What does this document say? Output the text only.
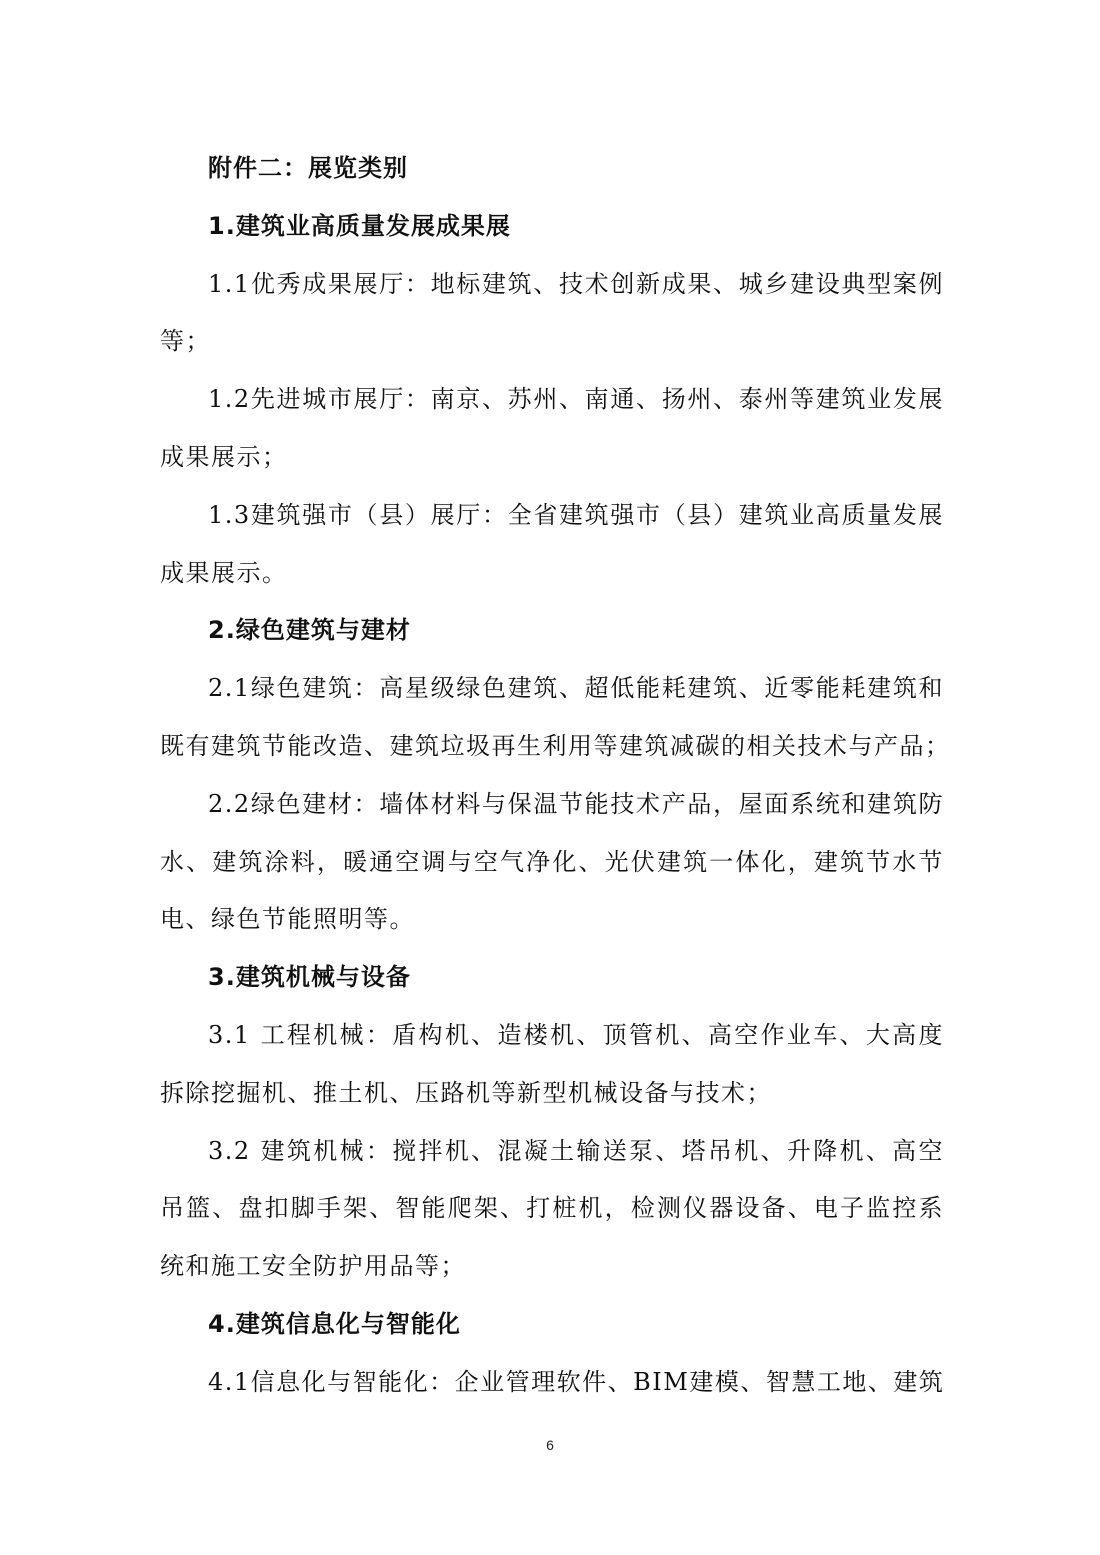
附件二：展览类别
1.建筑业高质量发展成果展
1.1优秀成果展厅：地标建筑、技术创新成果、城乡建设典型案例
等；
1.2先进城市展厅：南京、苏州、南通、扬州、泰州等建筑业发展
成果展示；
1.3建筑强市（县）展厅：全省建筑强市（县）建筑业高质量发展
成果展示。
2.绿色建筑与建材
2.1绿色建筑：高星级绿色建筑、超低能耗建筑、近零能耗建筑和
既有建筑节能改造、建筑垃圾再生利用等建筑减碳的相关技术与产品；
2.2绿色建材：墙体材料与保温节能技术产品，屋面系统和建筑防
水、建筑涂料，暖通空调与空气净化、光伏建筑一体化，建筑节水节
电、绿色节能照明等。
3.建筑机械与设备
3.1 工程机械：盾构机、造楼机、顶管机、高空作业车、大高度
拆除挖掘机、推土机、压路机等新型机械设备与技术；
3.2 建筑机械：搅拌机、混凝土输送泵、塔吊机、升降机、高空
吊篮、盘扣脚手架、智能爬架、打桩机，检测仪器设备、电子监控系
统和施工安全防护用品等；
4.建筑信息化与智能化
4.1信息化与智能化：企业管理软件、BIM建模、智慧工地、建筑
6
